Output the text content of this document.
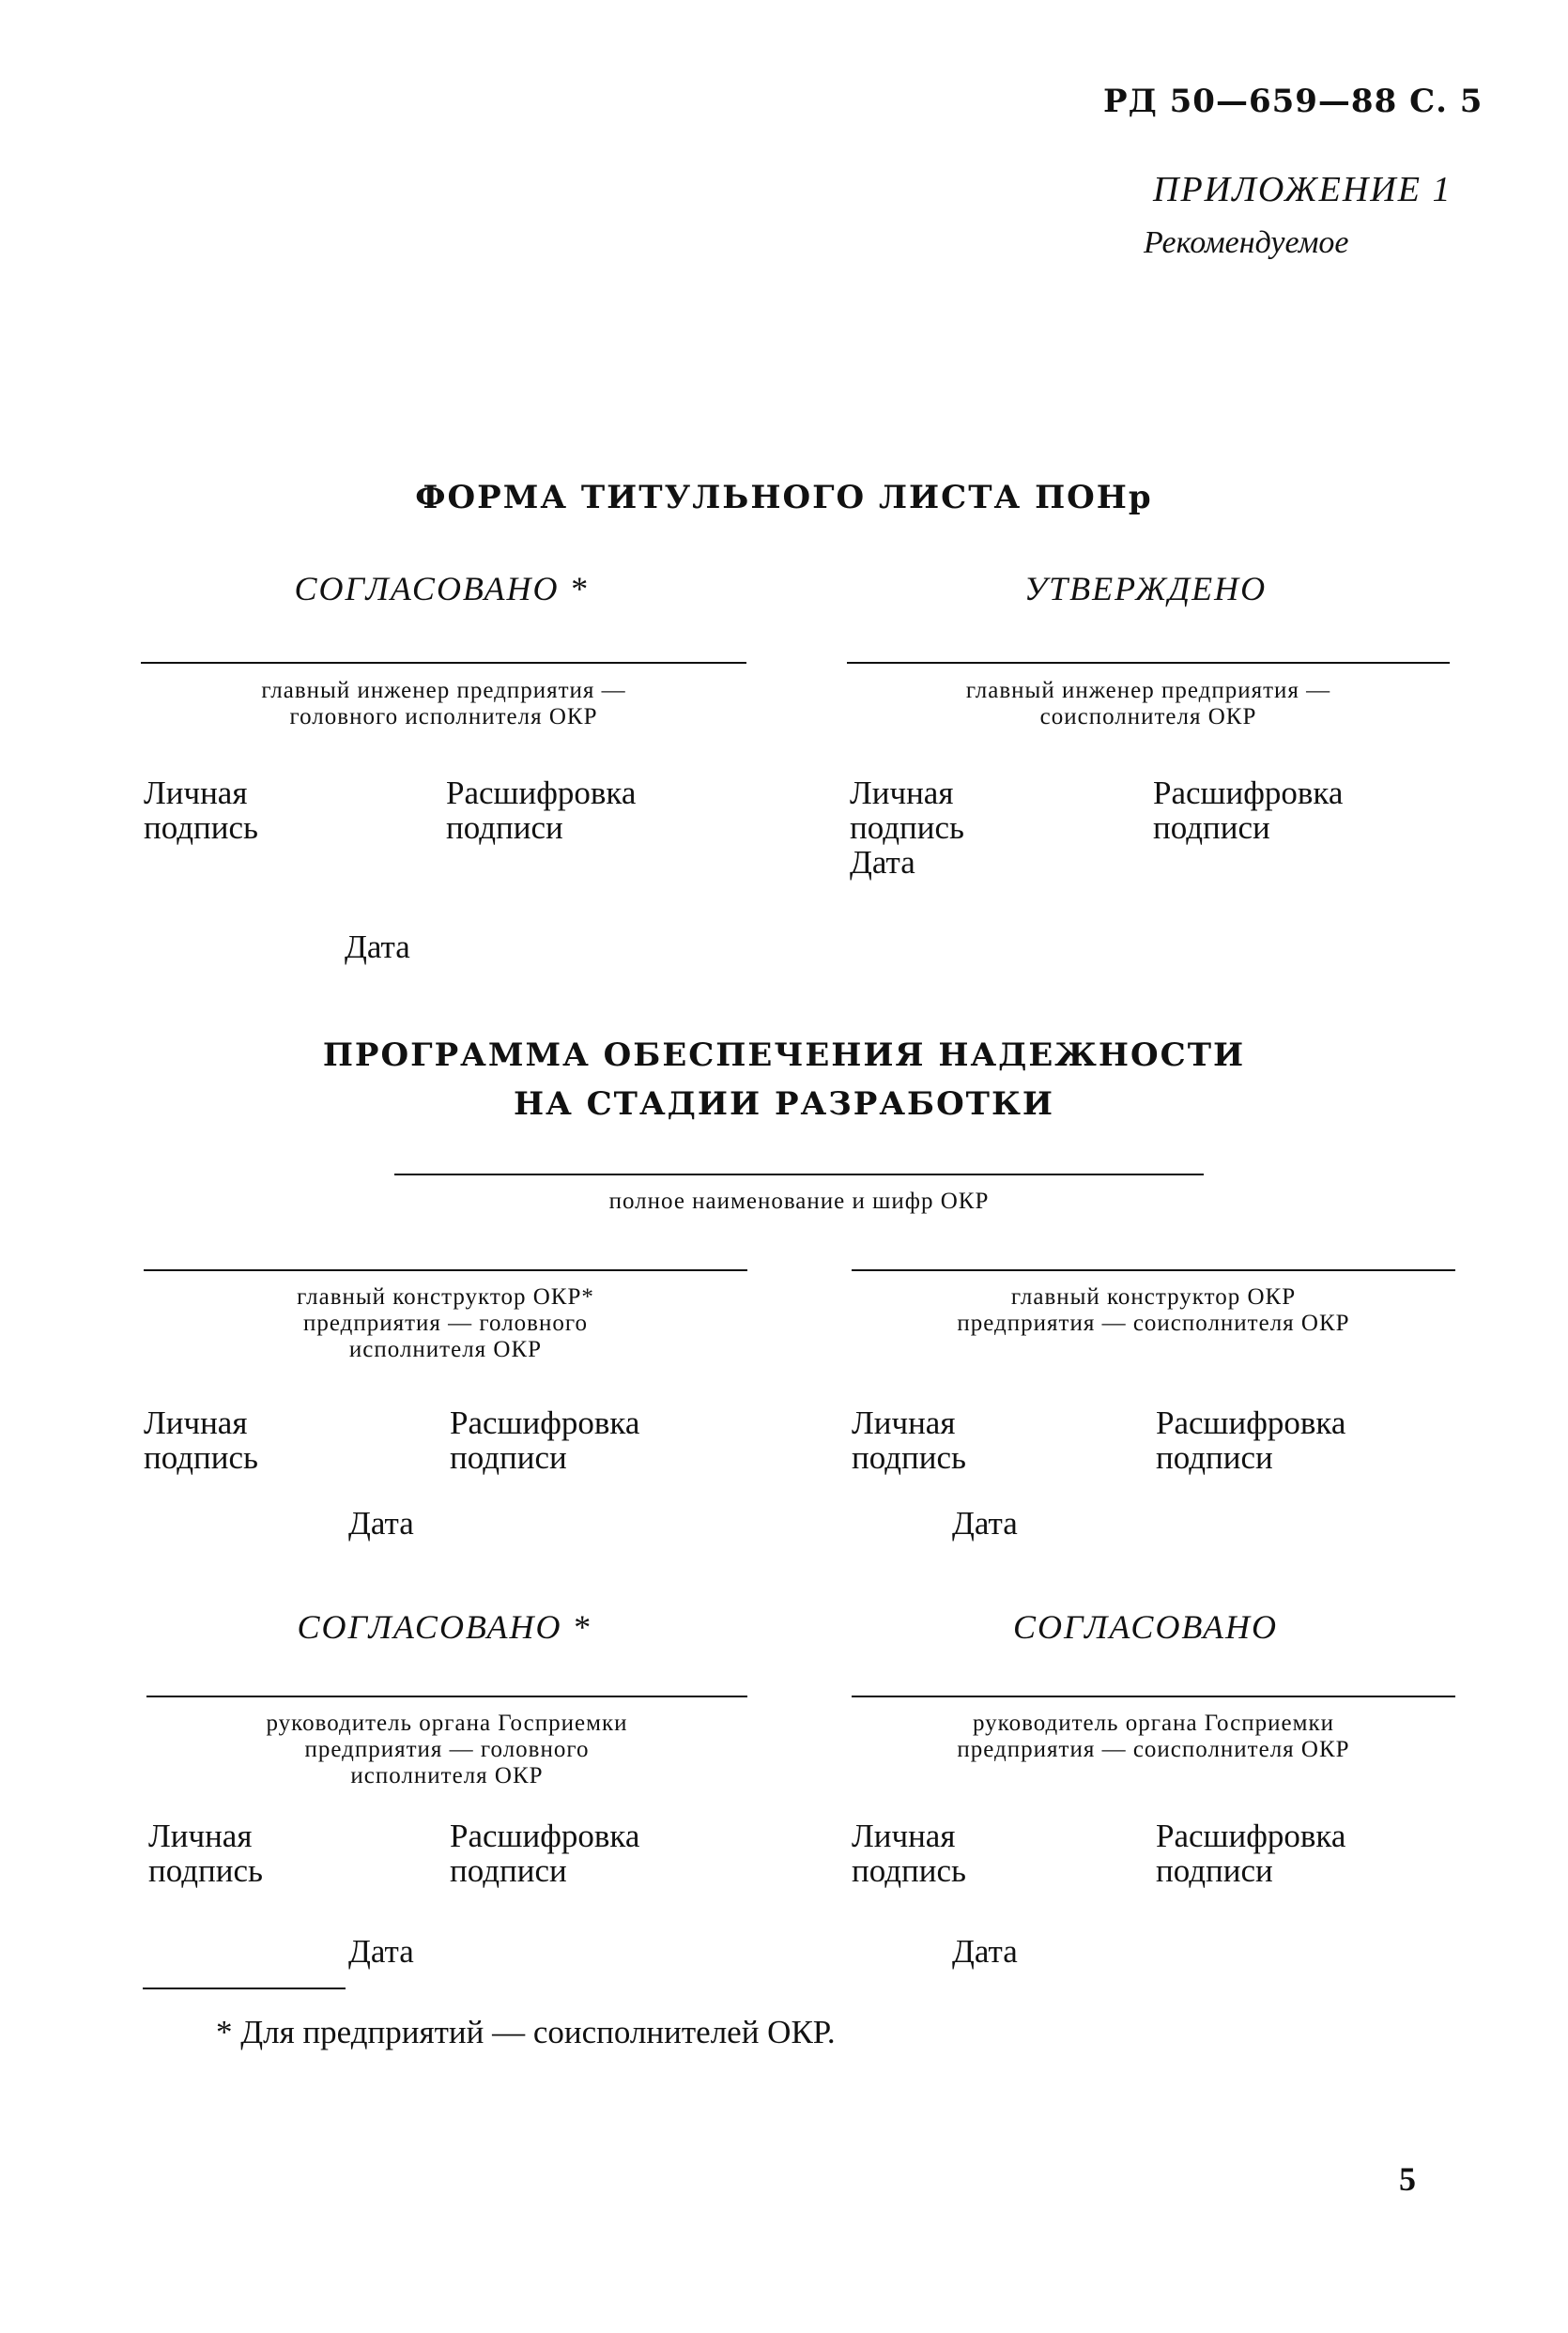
РД 50—659—88 С. 5
ПРИЛОЖЕНИЕ 1
Рекомендуемое
ФОРМА ТИТУЛЬНОГО ЛИСТА ПОНр
СОГЛАСОВАНО *	УТВЕРЖДЕНО
главный инженер предприятия —
головного исполнителя ОКР
главный инженер предприятия —
соисполнителя ОКР
Личная
подпись
Расшифровка
подписи
Дата
Личная
подпись
Дата
Расшифровка
подписи
ПРОГРАММА ОБЕСПЕЧЕНИЯ НАДЕЖНОСТИ
НА СТАДИИ РАЗРАБОТКИ
полное наименование и шифр ОКР
главный конструктор ОКР*
предприятия — головного
исполнителя ОКР
главный конструктор ОКР
предприятия — соисполнителя ОКР
Личная
подпись
Расшифровка
подписи
Дата
Личная
подпись
Расшифровка
подписи
Дата
СОГЛАСОВАНО *	СОГЛАСОВАНО
руководитель органа Госприемки
предприятия — головного
исполнителя ОКР
руководитель органа Госприемки
предприятия — соисполнителя ОКР
Личная
подпись
Расшифровка
подписи
Дата
Личная
подпись
Расшифровка
подписи
Дата
* Для предприятий — соисполнителей ОКР.
5
